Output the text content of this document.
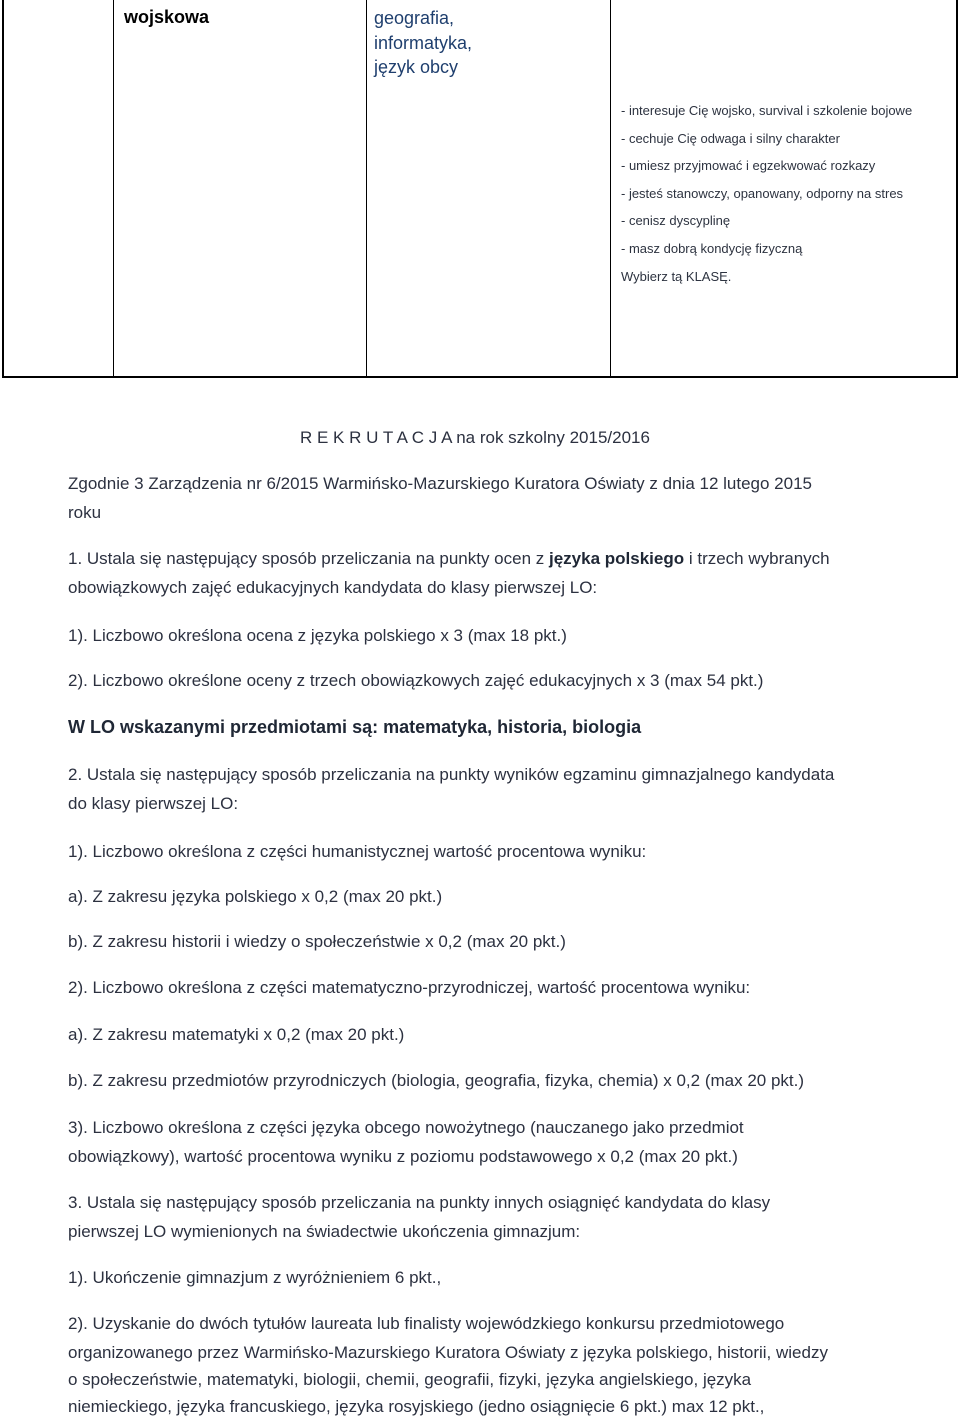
wojskowa	geografia,
informatyka,
język obcy
- interesuje Cię wojsko, survival i szkolenie bojowe
- cechuje Cię odwaga i silny charakter
- umiesz przyjmować i egzekwować rozkazy
- jesteś stanowczy, opanowany, odporny na stres
- cenisz dyscyplinę
- masz dobrą kondycję fizyczną
Wybierz tą KLASĘ.
R E K R U T A C J A na rok szkolny 2015/2016
Zgodnie 3 Zarządzenia nr 6/2015 Warmińsko-Mazurskiego Kuratora Oświaty z dnia 12 lutego 2015
roku
1. Ustala się następujący sposób przeliczania na punkty ocen z języka polskiego i trzech wybranych
obowiązkowych zajęć edukacyjnych kandydata do klasy pierwszej LO:
1). Liczbowo określona ocena z języka polskiego x 3 (max 18 pkt.)
2). Liczbowo określone oceny z trzech obowiązkowych zajęć edukacyjnych x 3 (max 54 pkt.)
W LO wskazanymi przedmiotami są: matematyka, historia, biologia
2. Ustala się następujący sposób przeliczania na punkty wyników egzaminu gimnazjalnego kandydata
do klasy pierwszej LO:
1). Liczbowo określona z części humanistycznej wartość procentowa wyniku:
a). Z zakresu języka polskiego x 0,2 (max 20 pkt.)
b). Z zakresu historii i wiedzy o społeczeństwie x 0,2 (max 20 pkt.)
2). Liczbowo określona z części matematyczno-przyrodniczej, wartość procentowa wyniku:
a). Z zakresu matematyki x 0,2 (max 20 pkt.)
b). Z zakresu przedmiotów przyrodniczych (biologia, geografia, fizyka, chemia) x 0,2 (max 20 pkt.)
3). Liczbowo określona z części języka obcego nowożytnego (nauczanego jako przedmiot
obowiązkowy), wartość procentowa wyniku z poziomu podstawowego x 0,2 (max 20 pkt.)
3. Ustala się następujący sposób przeliczania na punkty innych osiągnięć kandydata do klasy
pierwszej LO wymienionych na świadectwie ukończenia gimnazjum:
1). Ukończenie gimnazjum z wyróżnieniem 6 pkt.,
2). Uzyskanie do dwóch tytułów laureata lub finalisty wojewódzkiego konkursu przedmiotowego
organizowanego przez Warmińsko-Mazurskiego Kuratora Oświaty z języka polskiego, historii, wiedzy
o społeczeństwie, matematyki, biologii, chemii, geografii, fizyki, języka angielskiego, języka
niemieckiego, języka francuskiego, języka rosyjskiego (jedno osiągnięcie 6 pkt.) max 12 pkt.,
